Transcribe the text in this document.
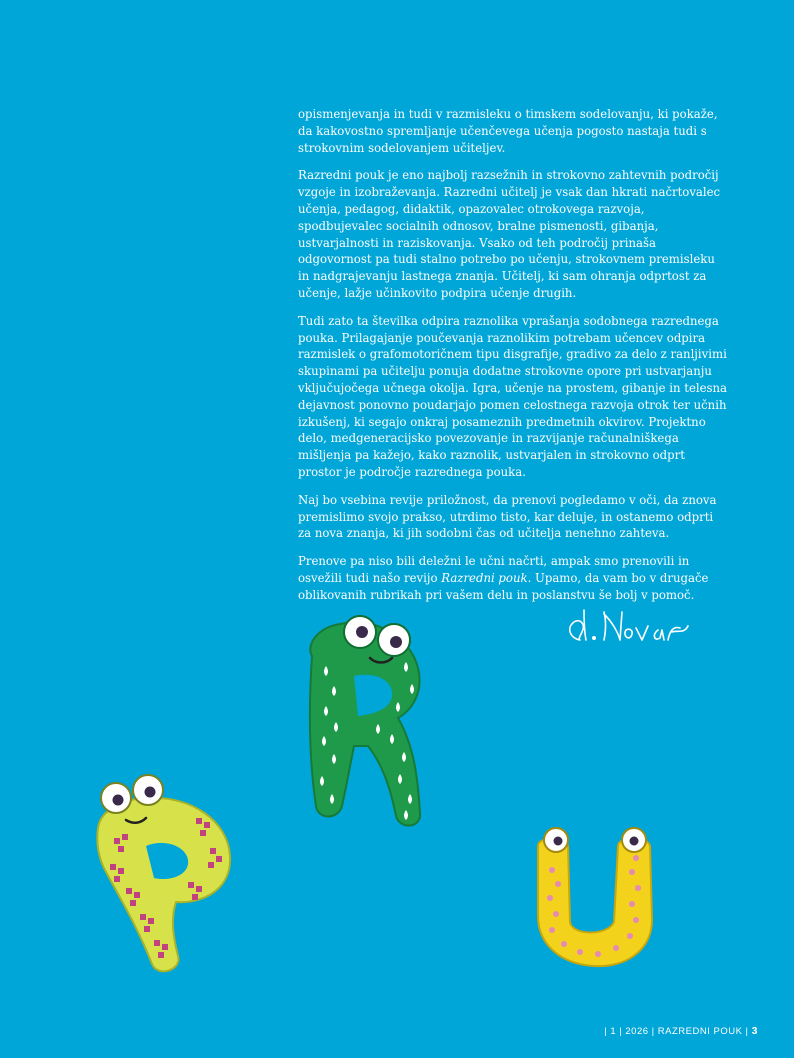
opismenjevanja in tudi v razmisleku o timskem sodelovanju, ki pokaže, da kakovostno spremljanje učenčevega učenja pogosto nastaja tudi s strokovnim sodelovanjem učiteljev.

Razredni pouk je eno najbolj razsežnih in strokovno zahtevnih področij vzgoje in izobraževanja. Razredni učitelj je vsak dan hkrati načrtovalec učenja, pedagog, didaktik, opazovalec otrokovega razvoja, spodbujevalec socialnih odnosov, bralne pismenosti, gibanja, ustvarjalnosti in raziskovanja. Vsako od teh področij prinaša odgovornost pa tudi stalno potrebo po učenju, strokovnem premisleku in nadgrajevanju lastnega znanja. Učitelj, ki sam ohranja odprtost za učenje, lažje učinkovito podpira učenje drugih.

Tudi zato ta številka odpira raznolika vprašanja sodobnega razrednega pouka. Prilagajanje poučevanja raznolikim potrebam učencev odpira razmislek o grafomotoričnem tipu disgrafije, gradivo za delo z ranljivimi skupinami pa učitelju ponuja dodatne strokovne opore pri ustvarjanju vključujočega učnega okolja. Igra, učenje na prostem, gibanje in telesna dejavnost ponovno poudarjajo pomen celostnega razvoja otrok ter učnih izkušenj, ki segajo onkraj posameznih predmetnih okvirov. Projektno delo, medgeneracijsko povezovanje in razvijanje računalniškega mišljenja pa kažejo, kako raznolik, ustvarjalen in strokovno odprt prostor je področje razrednega pouka.

Naj bo vsebina revije priložnost, da prenovi pogledamo v oči, da znova premislimo svojo prakso, utrdimo tisto, kar deluje, in ostanemo odprti za nova znanja, ki jih sodobni čas od učitelja nenehno zahteva.

Prenove pa niso bili deležni le učni načrti, ampak smo prenovili in osvežili tudi našo revijo Razredni pouk. Upamo, da vam bo v drugače oblikovanih rubrikah pri vašem delu in poslanstvu še bolj v pomoč.

| 1 | 2026 | RAZREDNI POUK | 3
